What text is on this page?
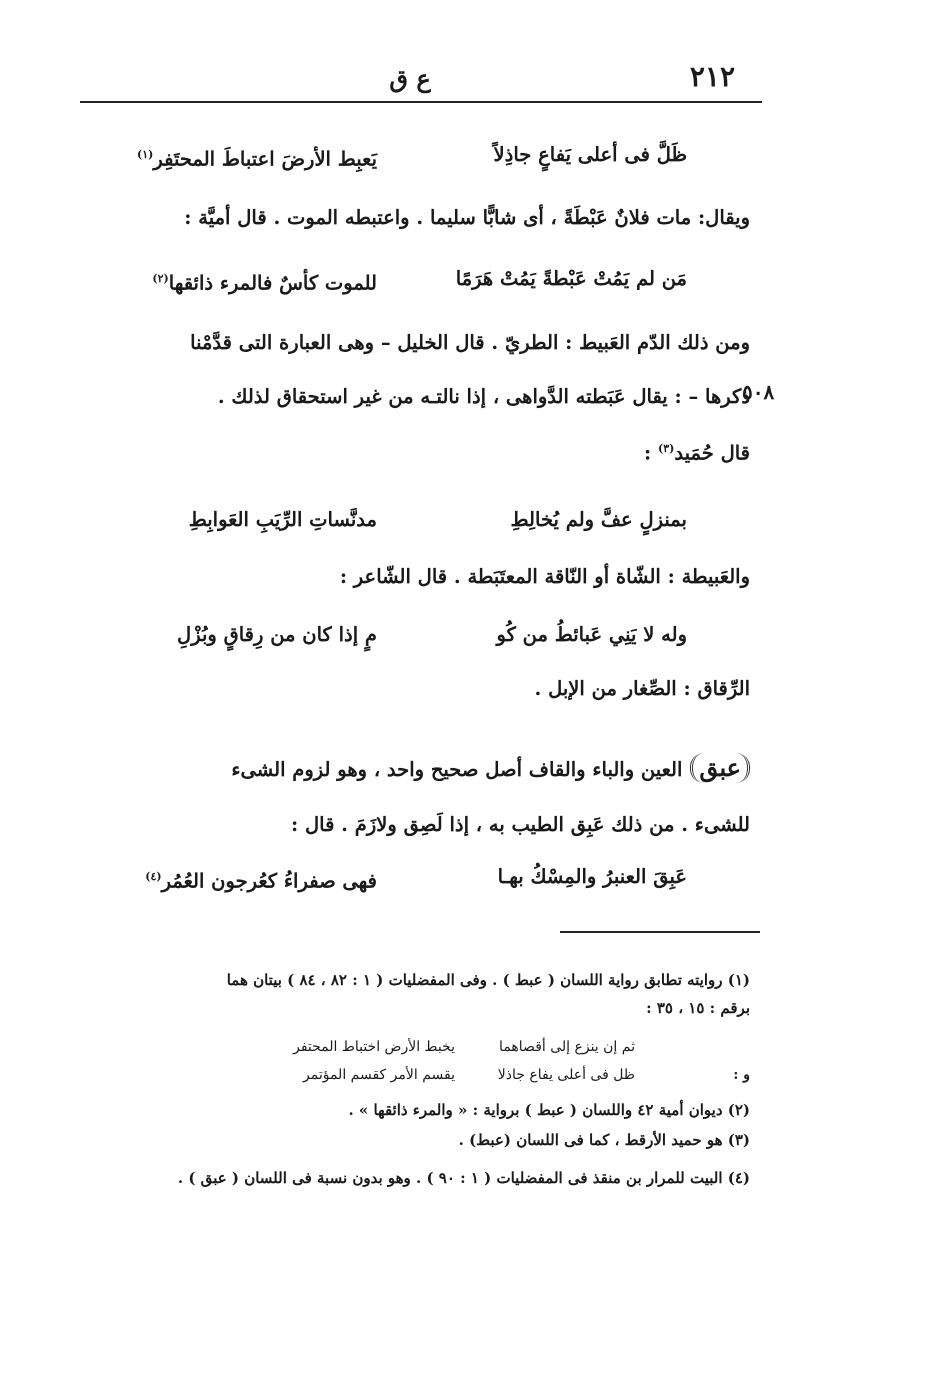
٢١٢
ع ق
ظَلَّ فى أعلى يَفاعٍ جاذِلاً
يَعبِط الأرضَ اعتباطَ المحتَفِر$^{(١)}$
ويقال: مات فلانٌ عَبْطَةً ، أى شابًّا سليما . واعتبطه الموت . قال أميَّة :
مَن لم يَمُتْ عَبْطةً يَمُتْ هَرَمًا
للموت كأسٌ فالمرء ذائقها$^{(٢)}$
ومن ذلك الدّم العَبيط : الطريّ . قال الخليل – وهى العبارة التى قدَّمْنا
ذكرها – : يقال عَبَطته الدَّواهى ، إذا نالتـه من غير استحقاق لذلك .
٥٠٨
قال حُمَيد$^{(٣)}$ :
بمنزلٍ عفَّ ولم يُخالِطِ
مدنَّساتِ الرِّيَبِ العَوابِطِ
والعَبيطة : الشّاة أو النّاقة المعتَبَطة . قال الشّاعر :
وله لا يَنِي عَبائطُ من كُو
مٍ إذا كان من رِقاقٍ وبُزْلِ
الرِّقاق : الصِّغار من الإبل .
عبقالعين والباء والقاف أصل صحيح واحد ، وهو لزوم الشىء
للشىء . من ذلك عَبِق الطيب به ، إذا لَصِق ولازَمَ . قال :
عَبِقَ العنبرُ والمِسْكُ بهـا
فهى صفراءُ كعُرجون العُمُر$^{(٤)}$
(١) روايته تطابق رواية اللسان ( عبط ) . وفى المفضليات ( ١ : ٨٢ ، ٨٤ ) بيتان هما
برقم : ١٥ ، ٣٥ :
ثم إن ينزع إلى أقصاهما
يخبط الأرض اختباط المحتفر
و :
ظل فى أعلى يفاع جاذلا
يقسم الأمر كقسم المؤتمر
(٢) ديوان أمية ٤٢ واللسان ( عبط ) برواية : « والمرء ذائقها » .
(٣) هو حميد الأرقط ، كما فى اللسان (عبط) .
(٤) البيت للمرار بن منقذ فى المفضليات ( ١ : ٩٠ ) . وهو بدون نسبة فى اللسان ( عبق ) .
